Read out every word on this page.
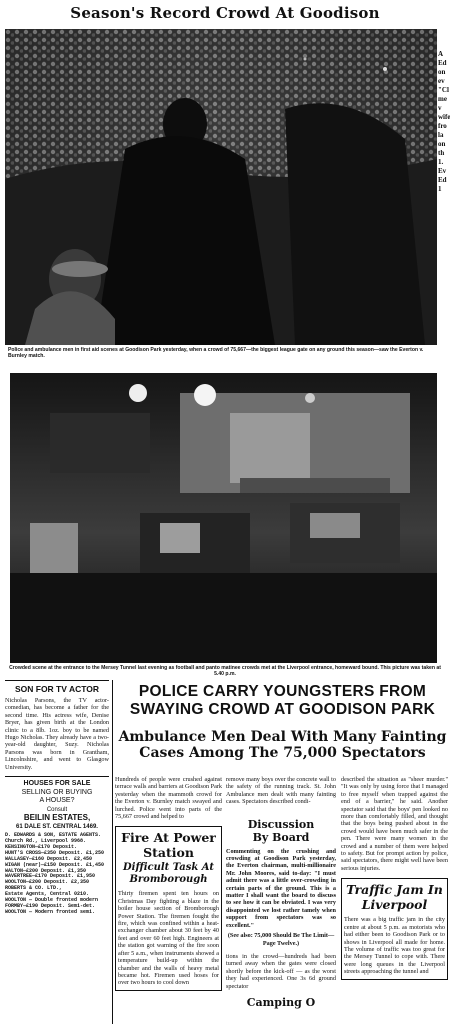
Season's Record Crowd At Goodison
Police and ambulance men in first aid scenes at Goodison Park yesterday, when a crowd of 75,667—the biggest league gate on any ground this season—saw the Everton v. Burnley match.
A
Ed
on
ev
"Cl
me
v
wife
fro
la
on
th
1.
Ev
Ed
1
Crowded scene at the entrance to the Mersey Tunnel last evening as football and panto matinee crowds met at the Liverpool entrance, homeward bound. This picture was taken at 5.40 p.m.
SON FOR TV ACTOR
Nicholas Parsons, the TV actor-comedian, has become a father for the second time. His actress wife, Denise Bryer, has given birth at the London clinic to a 8lb. 1oz. boy to be named Hugo Nicholas. They already have a two-year-old daughter, Suzy. Nicholas Parsons was born in Grantham, Lincolnshire, and went to Glasgow University.
HOUSES FOR SALE
SELLING OR BUYING
A HOUSE?
Consult
BEILIN ESTATES,
61 DALE ST. CENTRAL 1469.
D. EDWARDS & SON, ESTATE AGENTS.
Church Rd., Liverpool 9968.
KENSINGTON—£170 Deposit.
HUNT'S CROSS—£350 Deposit. £1,250
WALLASEY—£160 Deposit. £2,450
WIGAN (near)—£150 Deposit. £1,450
WALTON—£200 Deposit. £1,350
WAVERTREE—£170 Deposit. £1,950
WOOLTON—£200 Deposit. £2,350
ROBERTS & CO. LTD.,
Estate Agents, Central 0210.
WOOLTON — Double fronted modern
FORMBY—£190 Deposit. Semi-det.
WOOLTON — Modern fronted semi.
POLICE CARRY YOUNGSTERS FROM
SWAYING CROWD AT GOODISON PARK
Ambulance Men Deal With Many Fainting
Cases Among The 75,000 Spectators
Hundreds of people were crushed against terrace walls and barriers at Goodison Park yesterday when the mammoth crowd for the Everton v. Burnley match swayed and lurched. Police went into parts of the 75,667 crowd and helped to
Fire At Power
Station
Difficult Task At
Bromborough
Thirty firemen spent ten hours on Christmas Day fighting a blaze in the boiler house section of Bromborough Power Station. The firemen fought the fire, which was confined within a heat-exchanger chamber about 30 feet by 40 feet and over 60 feet high. Engineers at the station got warning of the fire soon after 5 a.m., when instruments showed a temperature build-up within the chamber and the walls of heavy metal became hot. Firemen used hoses for over two hours to cool down
remove many boys over the concrete wall to the safety of the running track. St. John Ambulance men dealt with many fainting cases. Spectators described condi-
Discussion
By Board
Commenting on the crushing and crowding at Goodison Park yesterday, the Everton chairman, multi-millionaire Mr. John Moores, said to-day: "I must admit there was a little over-crowding in certain parts of the ground. This is a matter I shall want the board to discuss to see how it can be obviated. I was very disappointed we lost rather tamely when support from spectators was so excellent."
(See also: 75,000 Should Be The Limit—Page Twelve.)
tions in the crowd—hundreds had been turned away when the gates were closed shortly before the kick-off — as the worst they had experienced. One 3s 6d ground spectator
Camping O
described the situation as "sheer murder." "It was only by using force that I managed to free myself when trapped against the end of a barrier," he said. Another spectator said that the boys' pen looked no more than comfortably filled, and thought that the boys being pushed about in the crowd would have been much safer in the pen. There were many women in the crowd and a number of them were helped to safety. But for prompt action by police, said spectators, there might well have been serious injuries.
Traffic Jam In
Liverpool
There was a big traffic jam in the city centre at about 5 p.m. as motorists who had either been to Goodison Park or to shows in Liverpool all made for home. The volume of traffic was too great for the Mersey Tunnel to cope with. There were long queues in the Liverpool streets approaching the tunnel and
